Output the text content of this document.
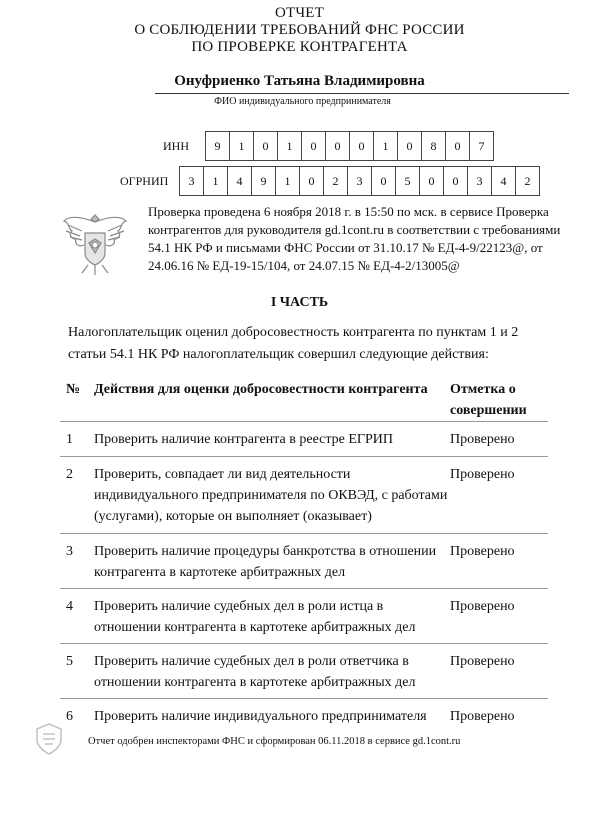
ОТЧЕТ
О СОБЛЮДЕНИИ ТРЕБОВАНИЙ ФНС РОССИИ
ПО ПРОВЕРКЕ КОНТРАГЕНТА
Онуфриенко Татьяна Владимировна
ФИО индивидуального предпринимателя
ИНН	9	1	0	1	0	0	0	1	0	8	0	7
ОГРНИП	3	1	4	9	1	0	2	3	0	5	0	0	3	4	2
Проверка проведена 6 ноября 2018 г. в 15:50 по мск. в сервисе Проверка контрагентов для руководителя gd.1cont.ru в соответствии с требованиями 54.1 НК РФ и письмами ФНС России от 31.10.17 № ЕД-4-9/22123@, от 24.06.16 № ЕД-19-15/104, от 24.07.15 № ЕД-4-2/13005@
I ЧАСТЬ
Налогоплательщик оценил добросовестность контрагента по пунктам 1 и 2 статьи 54.1 НК РФ налогоплательщик совершил следующие действия:
№ Действия для оценки добросовестности контрагента	Отметка о совершении
1	Проверить наличие контрагента в реестре ЕГРИП	Проверено
2	Проверить, совпадает ли вид деятельности индивидуального предпринимателя по ОКВЭД, с работами (услугами), которые он выполняет (оказывает)
Проверено
3	Проверить наличие процедуры банкротства в отношении контрагента в картотеке арбитражных дел
Проверено
4	Проверить наличие судебных дел в роли истца в отношении контрагента в картотеке арбитражных дел
Проверено
5	Проверить наличие судебных дел в роли ответчика в отношении контрагента в картотеке арбитражных дел
Проверено
6	Проверить наличие индивидуального предпринимателя	Проверено
Отчет одобрен инспекторами ФНС и сформирован 06.11.2018 в сервисе gd.1cont.ru
